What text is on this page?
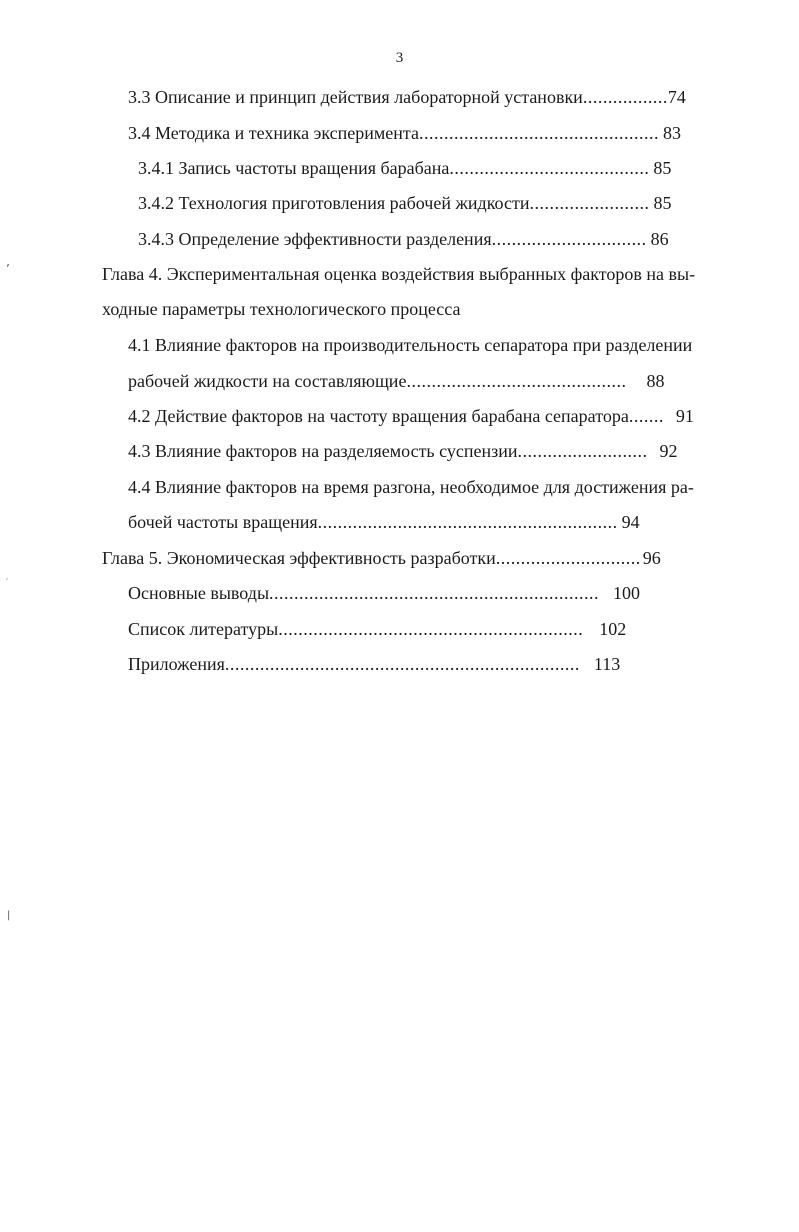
3
3.3 Описание и принцип действия лабораторной установки.................74
3.4 Методика и техника эксперимента................................................ 83
3.4.1 Запись частоты вращения барабана........................................ 85
3.4.2 Технология приготовления рабочей жидкости........................ 85
3.4.3 Определение эффективности разделения............................... 86
Глава 4. Экспериментальная оценка воздействия выбранных факторов на вы-
ходные параметры технологического процесса
4.1 Влияние факторов на производительность сепаратора при разделении
рабочей жидкости на составляющие............................................ 88
4.2 Действие факторов на частоту вращения барабана сепаратора....... 91
4.3 Влияние факторов на разделяемость суспензии.......................... 92
4.4 Влияние факторов на время разгона, необходимое для достижения ра-
бочей частоты вращения............................................................ 94
Глава 5. Экономическая эффективность разработки............................. 96
Основные выводы.................................................................. 100
Список литературы............................................................. 102
Приложения....................................................................... 113
’
′
|
